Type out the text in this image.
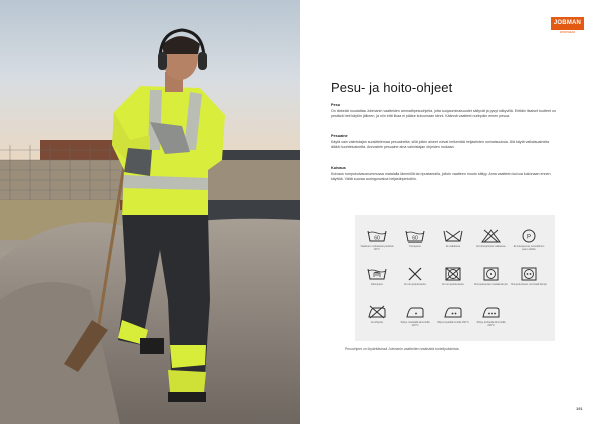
JOBMAN
WORKWEAR
Pesu- ja hoito-ohjeet
Pesu

On tärkeää noudattaa Jobmanin vaatteiden ammattipesuohjeita, jotta suojaominaisuudet säilyvät ja pysyt näkyvillä. Erittäin likaiset tuotteet on pestävä heti käytön jälkeen, ja niin että likaa ei pääse kuivumaan kiinni. Käännä vaatteet nurinpäin ennen pesua.

Pesuaine

Käytä vain valmistajan suosittelemaa pesuainetta, sillä jotkin aineet voivat heikentää heijastinten ominaisuuksia. Älä käytä valkaisuaineita äläkä huuhteluainetta. Annostele pesuaine aina valmistajan ohjeiden mukaan.

Kuivaus

Kuivaus rumpukuivausrummussa matalalla lämmöllä tai ripustamalla, jolloin vaatteen muoto säilyy. Anna vaatteen kuivua kokonaan ennen käyttöä. Vältä suoraa auringonvaloa heijastinpintoihin.

60
Vaatteen mukaisesti pestävä 60°C
60
Konepesu	Ei valkaisua	Ei klooripitoista valkaisua
P
Ei kuivapesua, kemiallinen pesu sallittu
Käsinpesu	Ei rumpukuivausta	Ei rumpukuivausta	Rumpukuivaus matala lämpö	Rumpukuivaus normaali lämpö
Ei silitystä	Silitys matalalla lämmöllä 110°C
Silitys keskilämmöllä 150°C	Silitys korkealla lämmöllä 200°C

Pesuohjeet on löydettävissä Jobmanin vaatteiden sisäisistä tuotelipukkeista.

191
